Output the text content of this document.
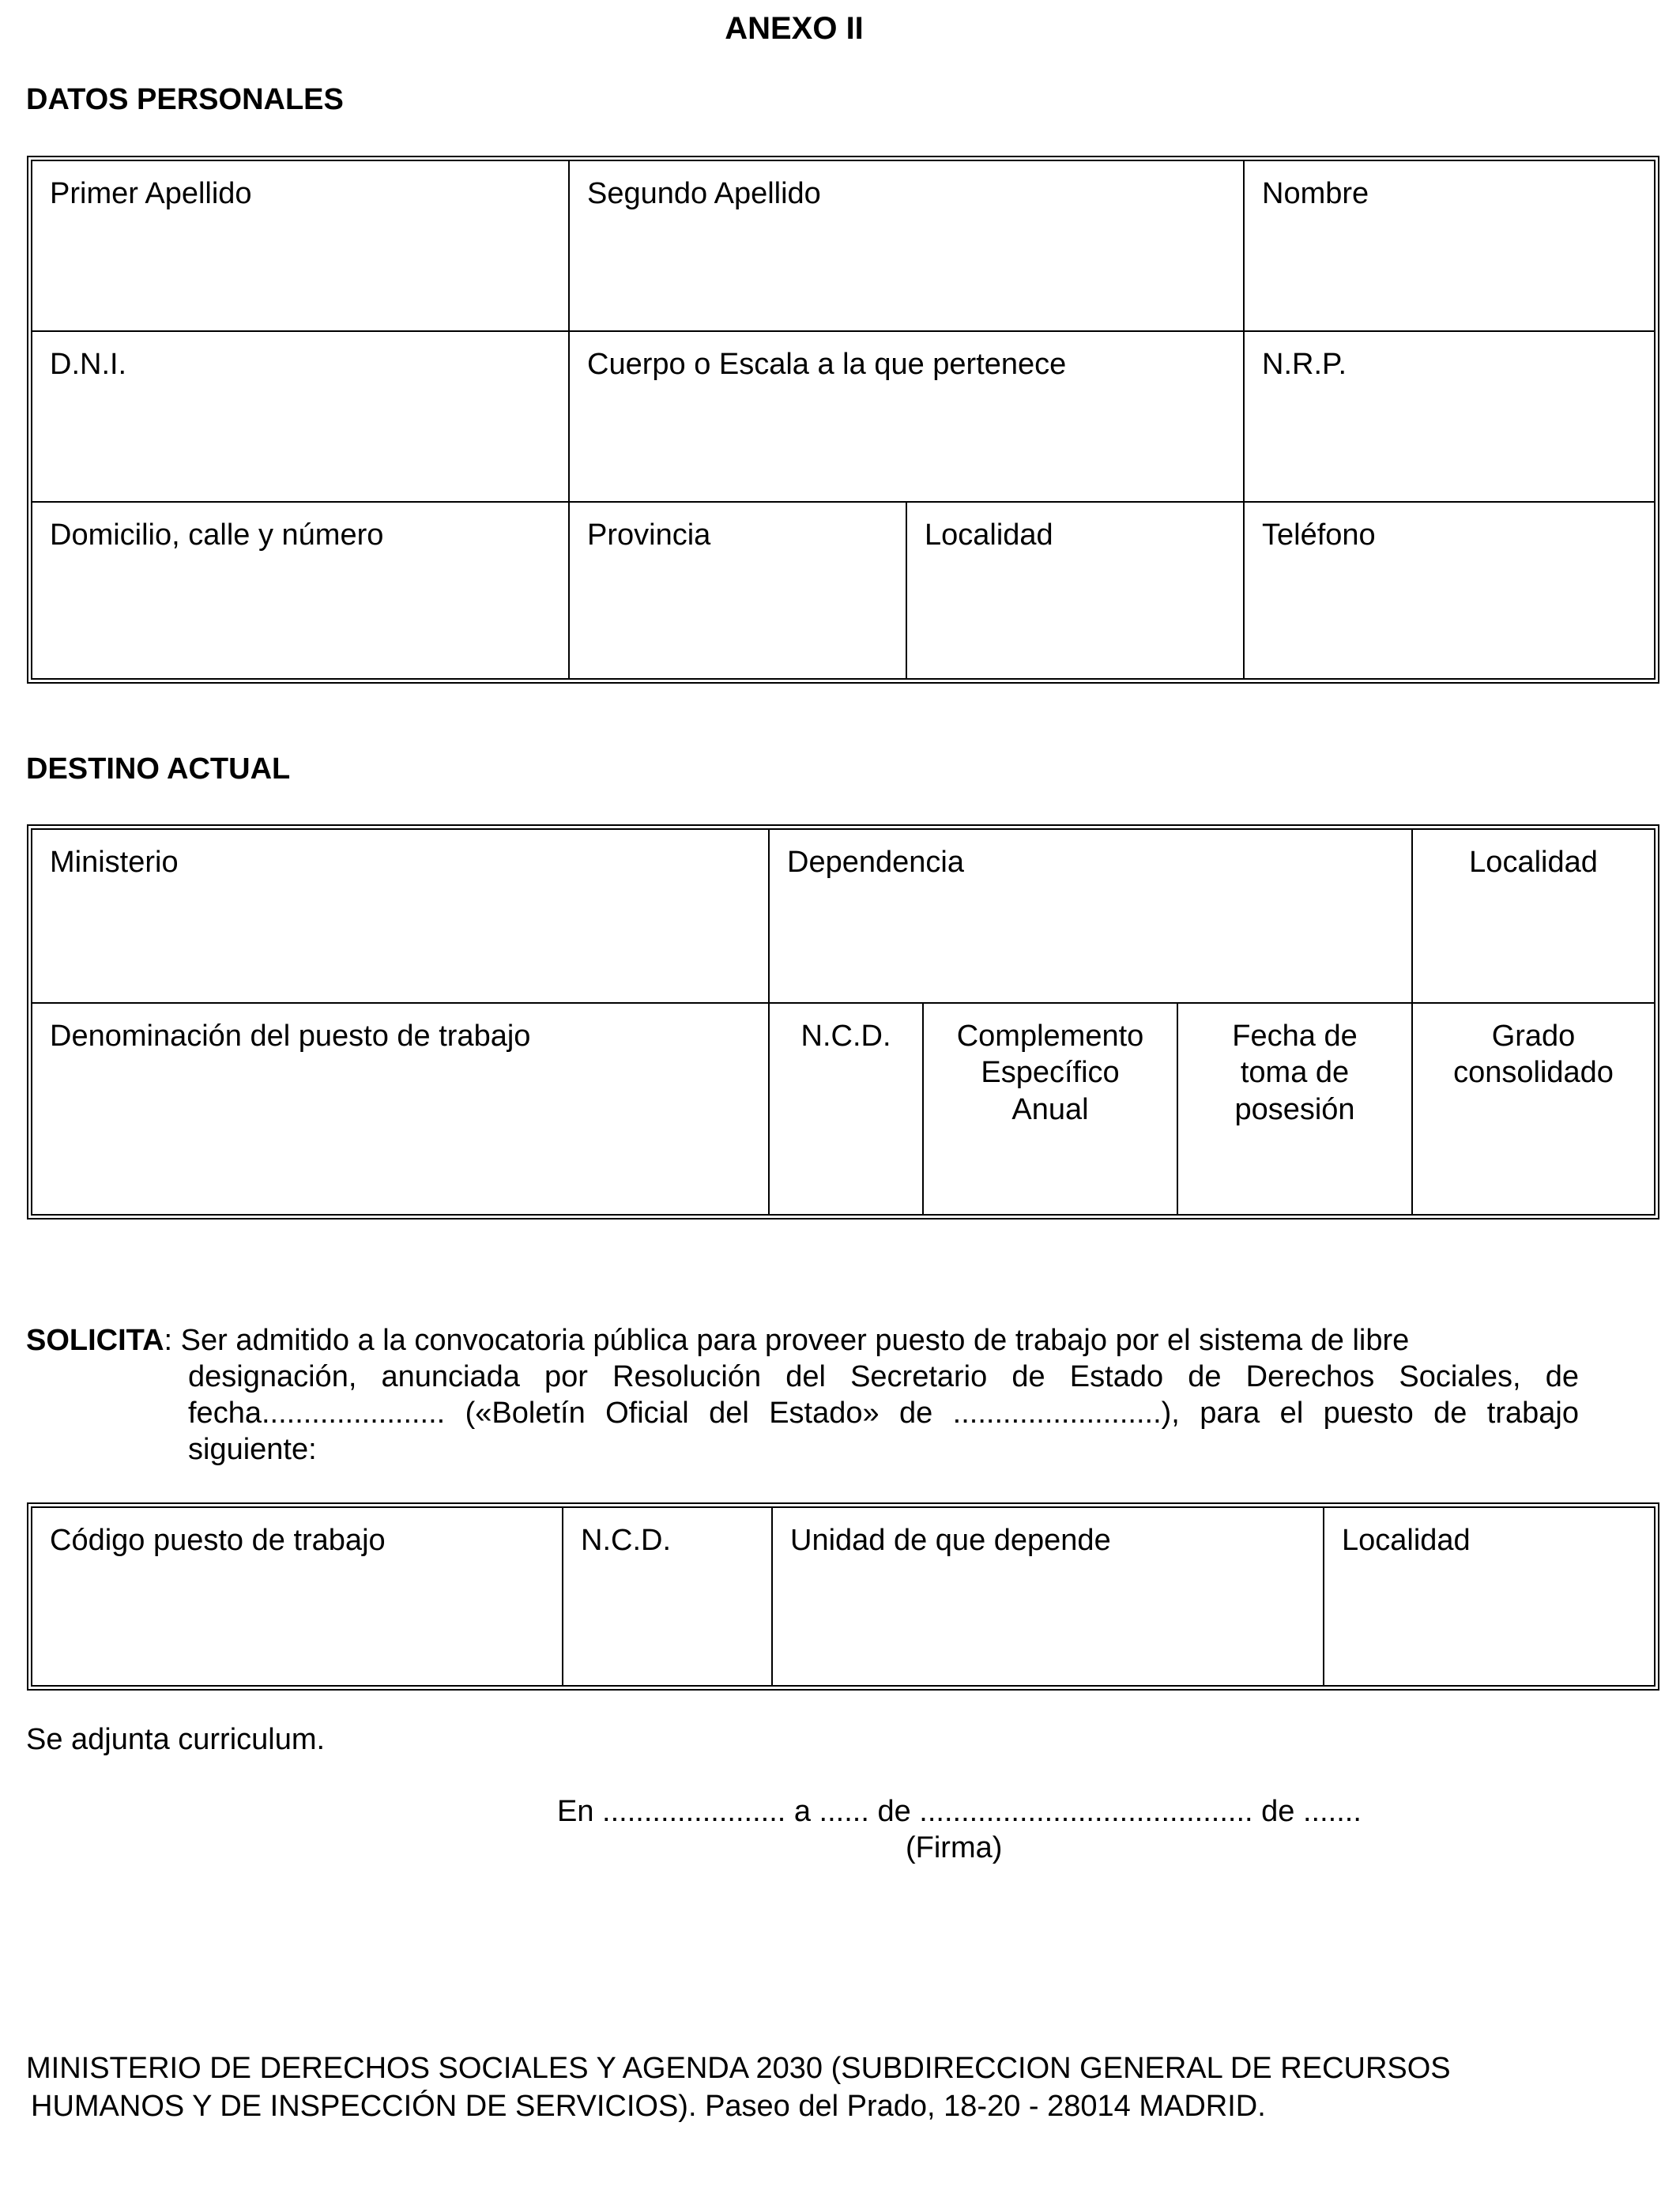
ANEXO II
DATOS PERSONALES
Primer Apellido	Segundo Apellido		Nombre
D.N.I.	Cuerpo o Escala a la que pertenece		N.R.P.
Domicilio, calle y número	Provincia	Localidad	Teléfono
DESTINO ACTUAL
Ministerio	Dependencia			Localidad
Denominación del puesto de trabajo	N.C.D.	Complemento Específico Anual	Fecha de toma de posesión	Grado consolidado
SOLICITA: Ser admitido a la convocatoria pública para proveer puesto de trabajo por el sistema de libre
designación, anunciada por Resolución del Secretario de Estado de Derechos Sociales, de fecha...................... («Boletín Oficial del Estado» de .........................), para el puesto de trabajo siguiente:
Código puesto de trabajo	N.C.D.	Unidad de que depende	Localidad
Se adjunta curriculum.
En ...................... a ...... de ........................................ de .......
(Firma)
MINISTERIO DE DERECHOS SOCIALES Y AGENDA 2030 (SUBDIRECCION GENERAL DE RECURSOS
HUMANOS Y DE INSPECCIÓN DE SERVICIOS). Paseo del Prado, 18-20 - 28014 MADRID.
